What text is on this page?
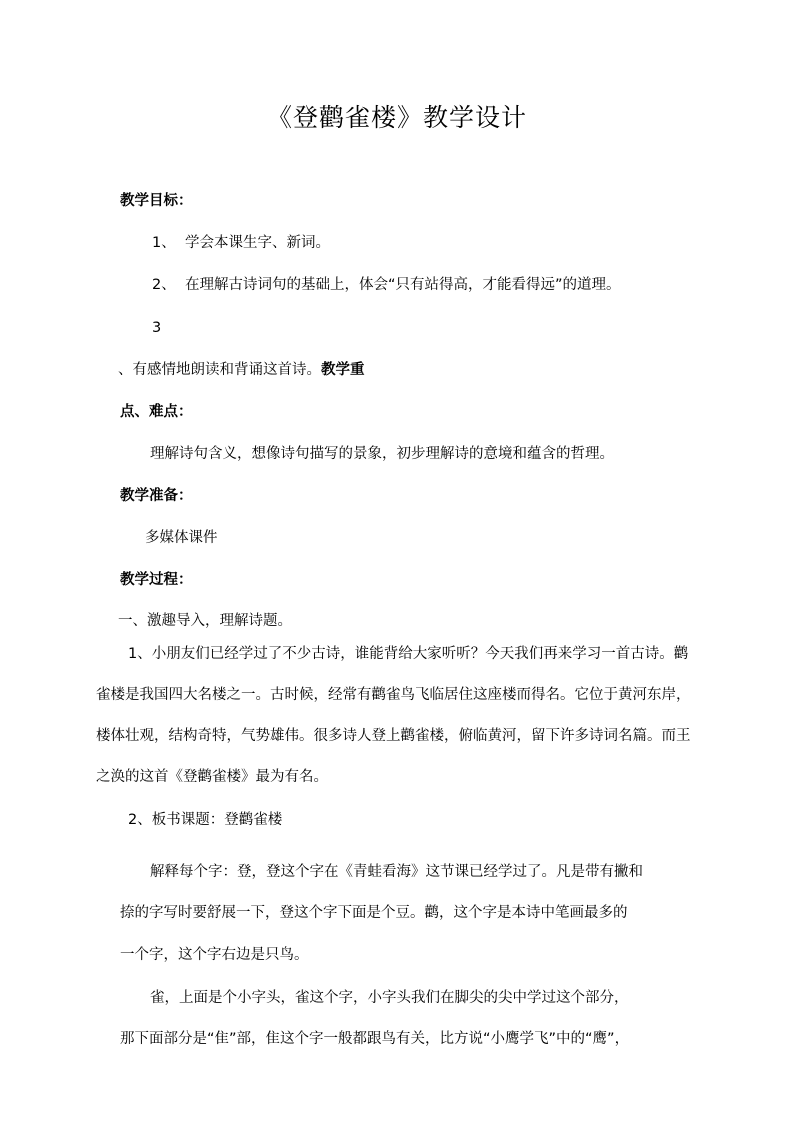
《登鹳雀楼》教学设计
教学目标：
1、 学会本课生字、新词。
2、 在理解古诗词句的基础上，体会“只有站得高，才能看得远”的道理。
3
、有感情地朗读和背诵这首诗。教学重
点、难点：
理解诗句含义，想像诗句描写的景象，初步理解诗的意境和蕴含的哲理。
教学准备：
多媒体课件
教学过程：
一、激趣导入，理解诗题。
1、小朋友们已经学过了不少古诗，谁能背给大家听听？今天我们再来学习一首古诗。鹳
雀楼是我国四大名楼之一。古时候，经常有鹳雀鸟飞临居住这座楼而得名。它位于黄河东岸，
楼体壮观，结构奇特，气势雄伟。很多诗人登上鹳雀楼，俯临黄河，留下许多诗词名篇。而王
之涣的这首《登鹳雀楼》最为有名。
2、板书课题：登鹳雀楼
解释每个字：登，登这个字在《青蛙看海》这节课已经学过了。凡是带有撇和
捺的字写时要舒展一下，登这个字下面是个豆。鹳，这个字是本诗中笔画最多的
一个字，这个字右边是只鸟。
雀，上面是个小字头，雀这个字，小字头我们在脚尖的尖中学过这个部分，
那下面部分是“隹”部，隹这个字一般都跟鸟有关，比方说“小鹰学飞”中的“鹰”，
